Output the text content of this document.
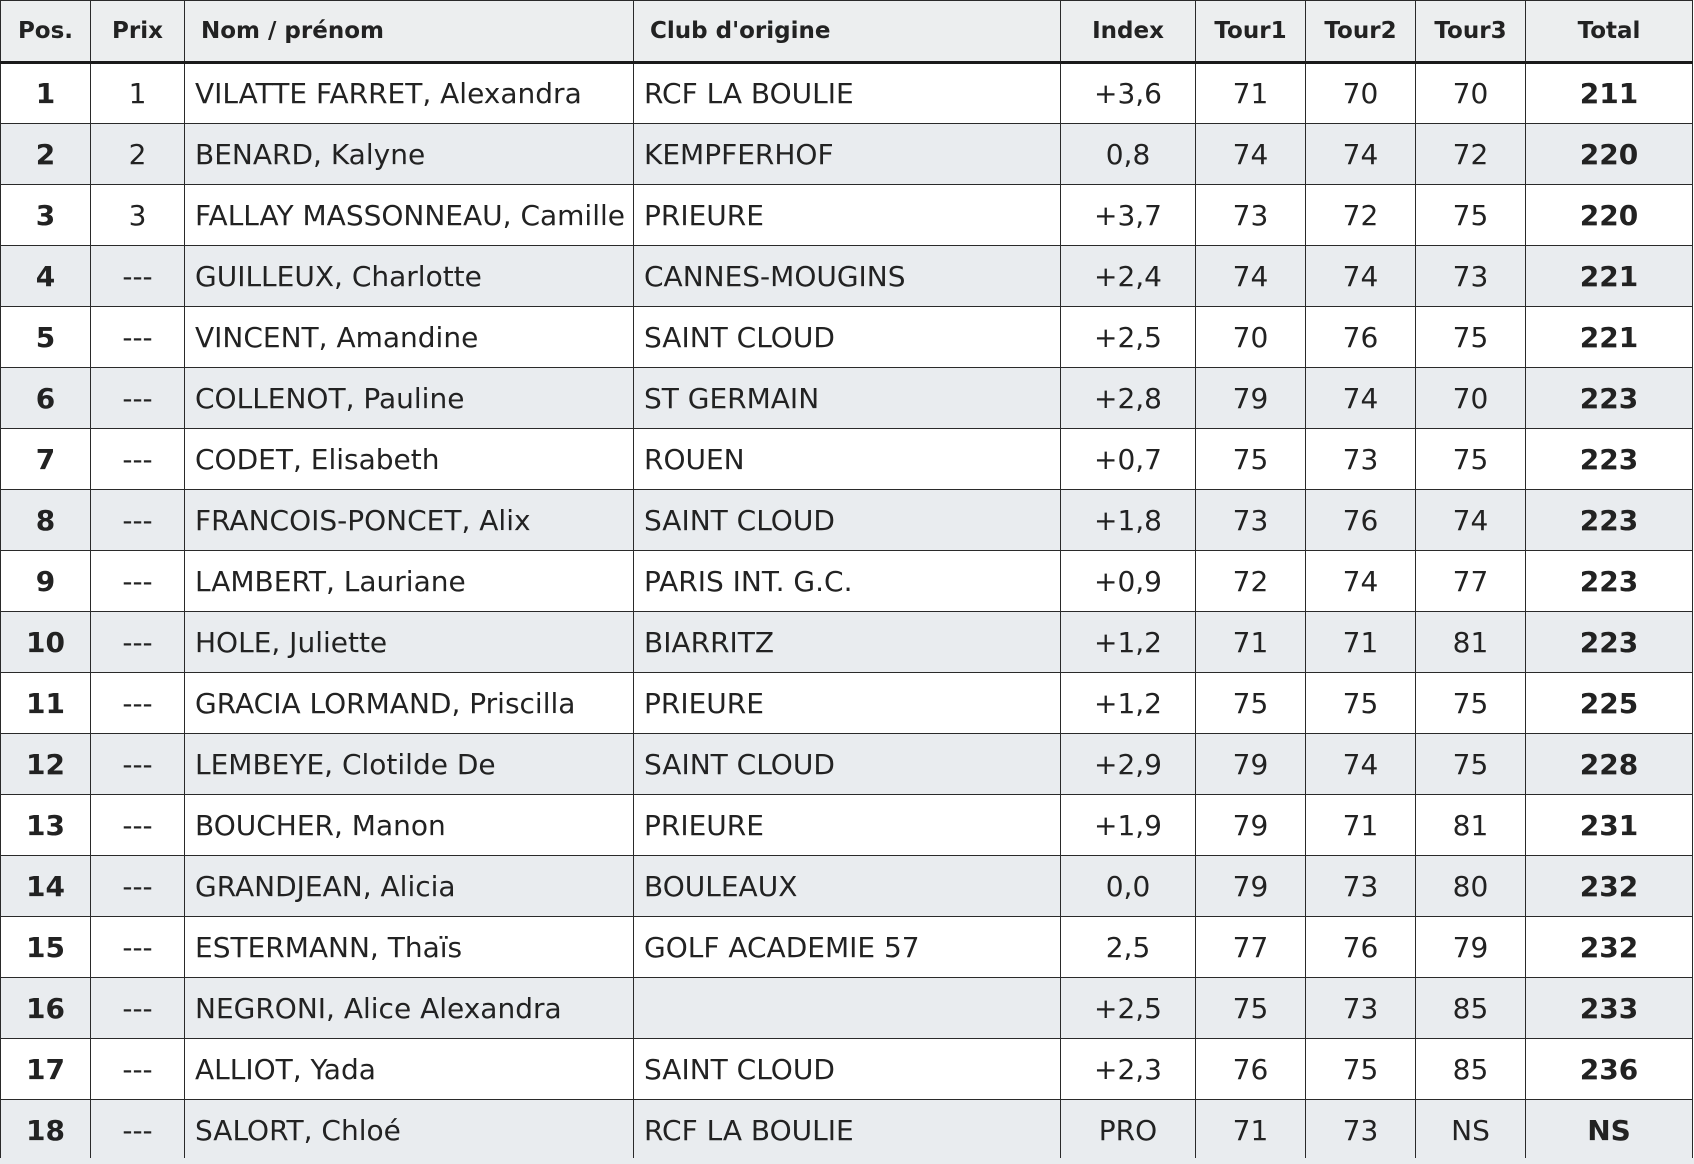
Pos.	Prix	Nom / prénom	Club d'origine	Index	Tour1	Tour2	Tour3	Total
1	1	VILATTE FARRET, Alexandra	RCF LA BOULIE	+3,6	71	70	70	211
2	2	BENARD, Kalyne	KEMPFERHOF	0,8	74	74	72	220
3	3	FALLAY MASSONNEAU, Camille	PRIEURE	+3,7	73	72	75	220
4	---	GUILLEUX, Charlotte	CANNES-MOUGINS	+2,4	74	74	73	221
5	---	VINCENT, Amandine	SAINT CLOUD	+2,5	70	76	75	221
6	---	COLLENOT, Pauline	ST GERMAIN	+2,8	79	74	70	223
7	---	CODET, Elisabeth	ROUEN	+0,7	75	73	75	223
8	---	FRANCOIS-PONCET, Alix	SAINT CLOUD	+1,8	73	76	74	223
9	---	LAMBERT, Lauriane	PARIS INT. G.C.	+0,9	72	74	77	223
10	---	HOLE, Juliette	BIARRITZ	+1,2	71	71	81	223
11	---	GRACIA LORMAND, Priscilla	PRIEURE	+1,2	75	75	75	225
12	---	LEMBEYE, Clotilde De	SAINT CLOUD	+2,9	79	74	75	228
13	---	BOUCHER, Manon	PRIEURE	+1,9	79	71	81	231
14	---	GRANDJEAN, Alicia	BOULEAUX	0,0	79	73	80	232
15	---	ESTERMANN, Thaïs	GOLF ACADEMIE 57	2,5	77	76	79	232
16	---	NEGRONI, Alice Alexandra		+2,5	75	73	85	233
17	---	ALLIOT, Yada	SAINT CLOUD	+2,3	76	75	85	236
18	---	SALORT, Chloé	RCF LA BOULIE	PRO	71	73	NS	NS
